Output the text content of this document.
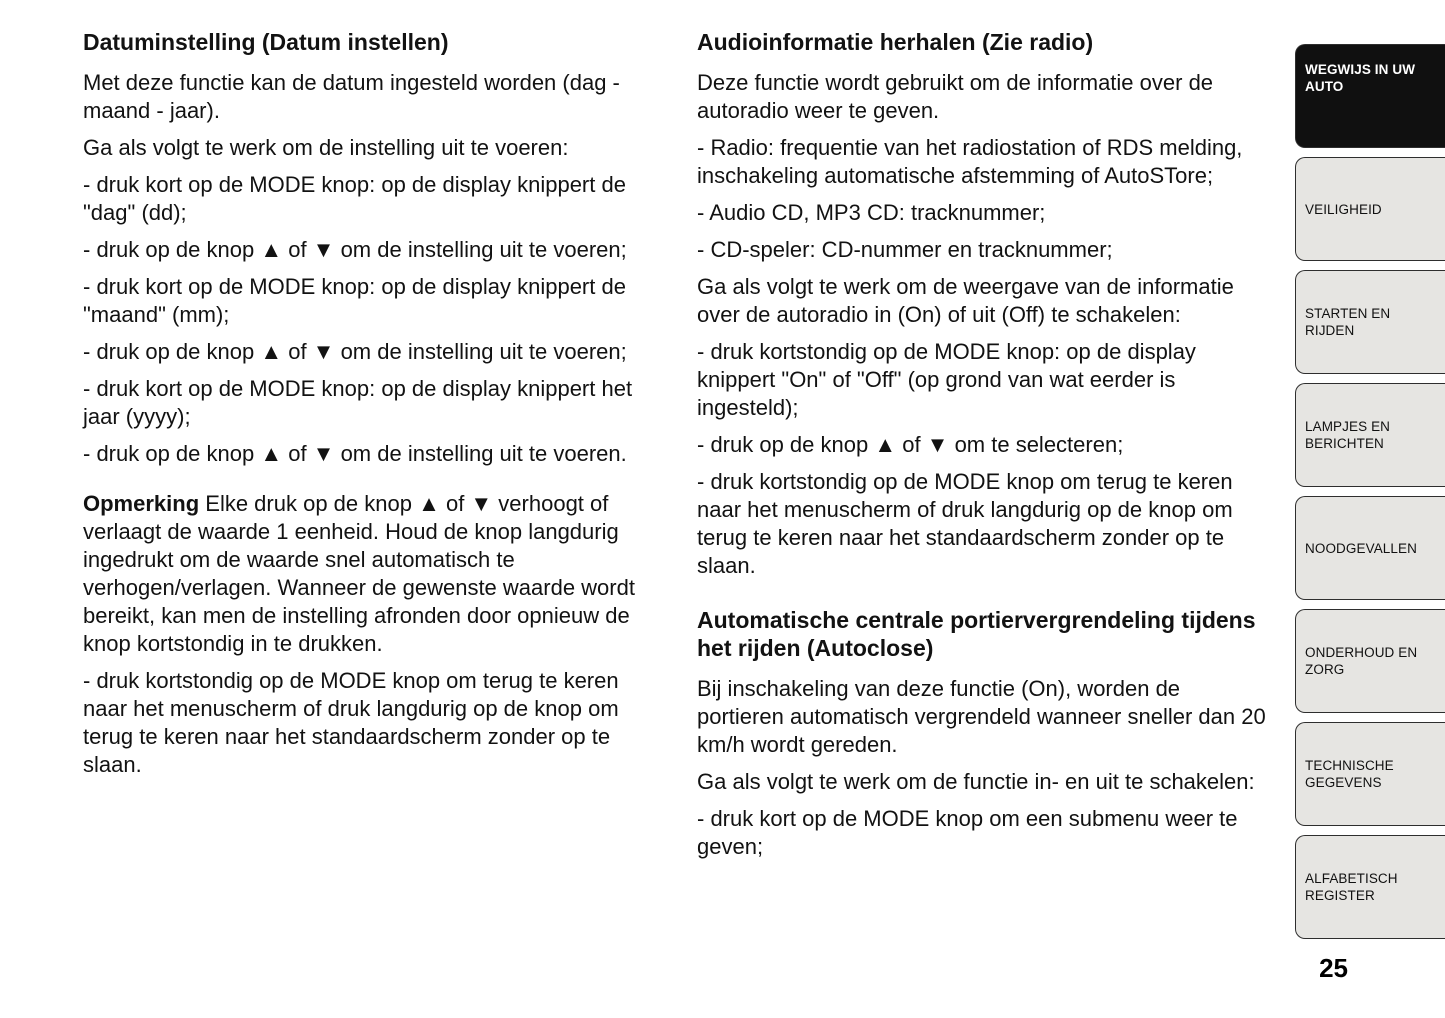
Datuminstelling (Datum instellen)

Met deze functie kan de datum ingesteld worden (dag - maand - jaar).

Ga als volgt te werk om de instelling uit te voeren:

- druk kort op de MODE knop: op de display knippert de "dag" (dd);

- druk op de knop ▲ of ▼ om de instelling uit te voeren;

- druk kort op de MODE knop: op de display knippert de "maand" (mm);

- druk op de knop ▲ of ▼ om de instelling uit te voeren;

- druk kort op de MODE knop: op de display knippert het jaar (yyyy);

- druk op de knop ▲ of ▼ om de instelling uit te voeren.

Opmerking Elke druk op de knop ▲ of ▼ verhoogt of verlaagt de waarde 1 eenheid. Houd de knop langdurig ingedrukt om de waarde snel automatisch te verhogen/verlagen. Wanneer de gewenste waarde wordt bereikt, kan men de instelling afronden door opnieuw de knop kortstondig in te drukken.

- druk kortstondig op de MODE knop om terug te keren naar het menuscherm of druk langdurig op de knop om terug te keren naar het standaardscherm zonder op te slaan.

Audioinformatie herhalen (Zie radio)

Deze functie wordt gebruikt om de informatie over de autoradio weer te geven.

- Radio: frequentie van het radiostation of RDS melding, inschakeling automatische afstemming of AutoSTore;

- Audio CD, MP3 CD: tracknummer;

- CD-speler: CD-nummer en tracknummer;

Ga als volgt te werk om de weergave van de informatie over de autoradio in (On) of uit (Off) te schakelen:

- druk kortstondig op de MODE knop: op de display knippert "On" of "Off" (op grond van wat eerder is ingesteld);

- druk op de knop ▲ of ▼ om te selecteren;

- druk kortstondig op de MODE knop om terug te keren naar het menuscherm of druk langdurig op de knop om terug te keren naar het standaardscherm zonder op te slaan.

Automatische centrale portiervergrendeling tijdens het rijden (Autoclose)

Bij inschakeling van deze functie (On), worden de portieren automatisch vergrendeld wanneer sneller dan 20 km/h wordt gereden.

Ga als volgt te werk om de functie in- en uit te schakelen:

- druk kort op de MODE knop om een submenu weer te geven;

WEGWIJS IN UW AUTO
VEILIGHEID
STARTEN EN RIJDEN
LAMPJES EN BERICHTEN
NOODGEVALLEN
ONDERHOUD EN ZORG
TECHNISCHE GEGEVENS
ALFABETISCH REGISTER
25
